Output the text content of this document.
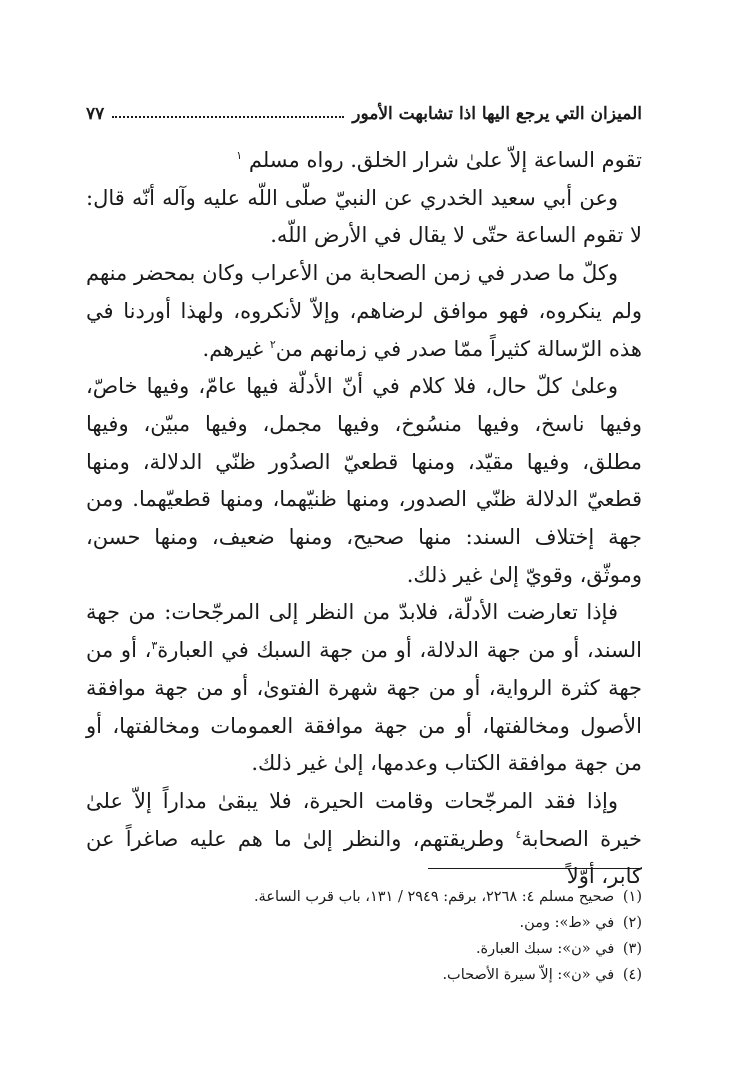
الميزان التي يرجع اليها اذا تشابهت الأمور
٧٧

تقوم الساعة إلاّ علىٰ شرار الخلق. رواه مسلم $^١$

وعن أبي سعيد الخدري عن النبيّ صلّى اللّه عليه وآله أنّه قال: لا تقوم الساعة حتّى لا يقال في الأرض اللّه.

وكلّ ما صدر في زمن الصحابة من الأعراب وكان بمحضر منهم ولم ينكروه، فهو موافق لرضاهم، وإلاّ لأنكروه، ولهذا أوردنا في هذه الرّسالة كثيراً ممّا صدر في زمانهم من$^٢$ غيرهم.

وعلىٰ كلّ حال، فلا كلام في أنّ الأدلّة فيها عامّ، وفيها خاصّ، وفيها ناسخ، وفيها منسُوخ، وفيها مجمل، وفيها مبيّن، وفيها مطلق، وفيها مقيّد، ومنها قطعيّ الصدُور ظنّي الدلالة، ومنها قطعيّ الدلالة ظنّي الصدور، ومنها ظنيّهما، ومنها قطعيّهما. ومن جهة إختلاف السند: منها صحيح، ومنها ضعيف، ومنها حسن، وموثّق، وقويّ إلىٰ غير ذلك.

فإذا تعارضت الأدلّة، فلابدّ من النظر إلى المرجّحات: من جهة السند، أو من جهة الدلالة، أو من جهة السبك في العبارة$^٣$، أو من جهة كثرة الرواية، أو من جهة شهرة الفتوىٰ، أو من جهة موافقة الأصول ومخالفتها، أو من جهة موافقة العمومات ومخالفتها، أو من جهة موافقة الكتاب وعدمها، إلىٰ غير ذلك.

وإذا فقد المرجّحات وقامت الحيرة، فلا يبقىٰ مداراً إلاّ علىٰ خيرة الصحابة$^٤$ وطريقتهم، والنظر إلىٰ ما هم عليه صاغراً عن كابر، أوّلاً

(١) صحيح مسلم ٤: ٢٢٦٨، برقم: ٢٩٤٩ / ١٣١، باب قرب الساعة.

(٢) في «ط»: ومن.

(٣) في «ن»: سبك العبارة.

(٤) في «ن»: إلاّ سيرة الأصحاب.
